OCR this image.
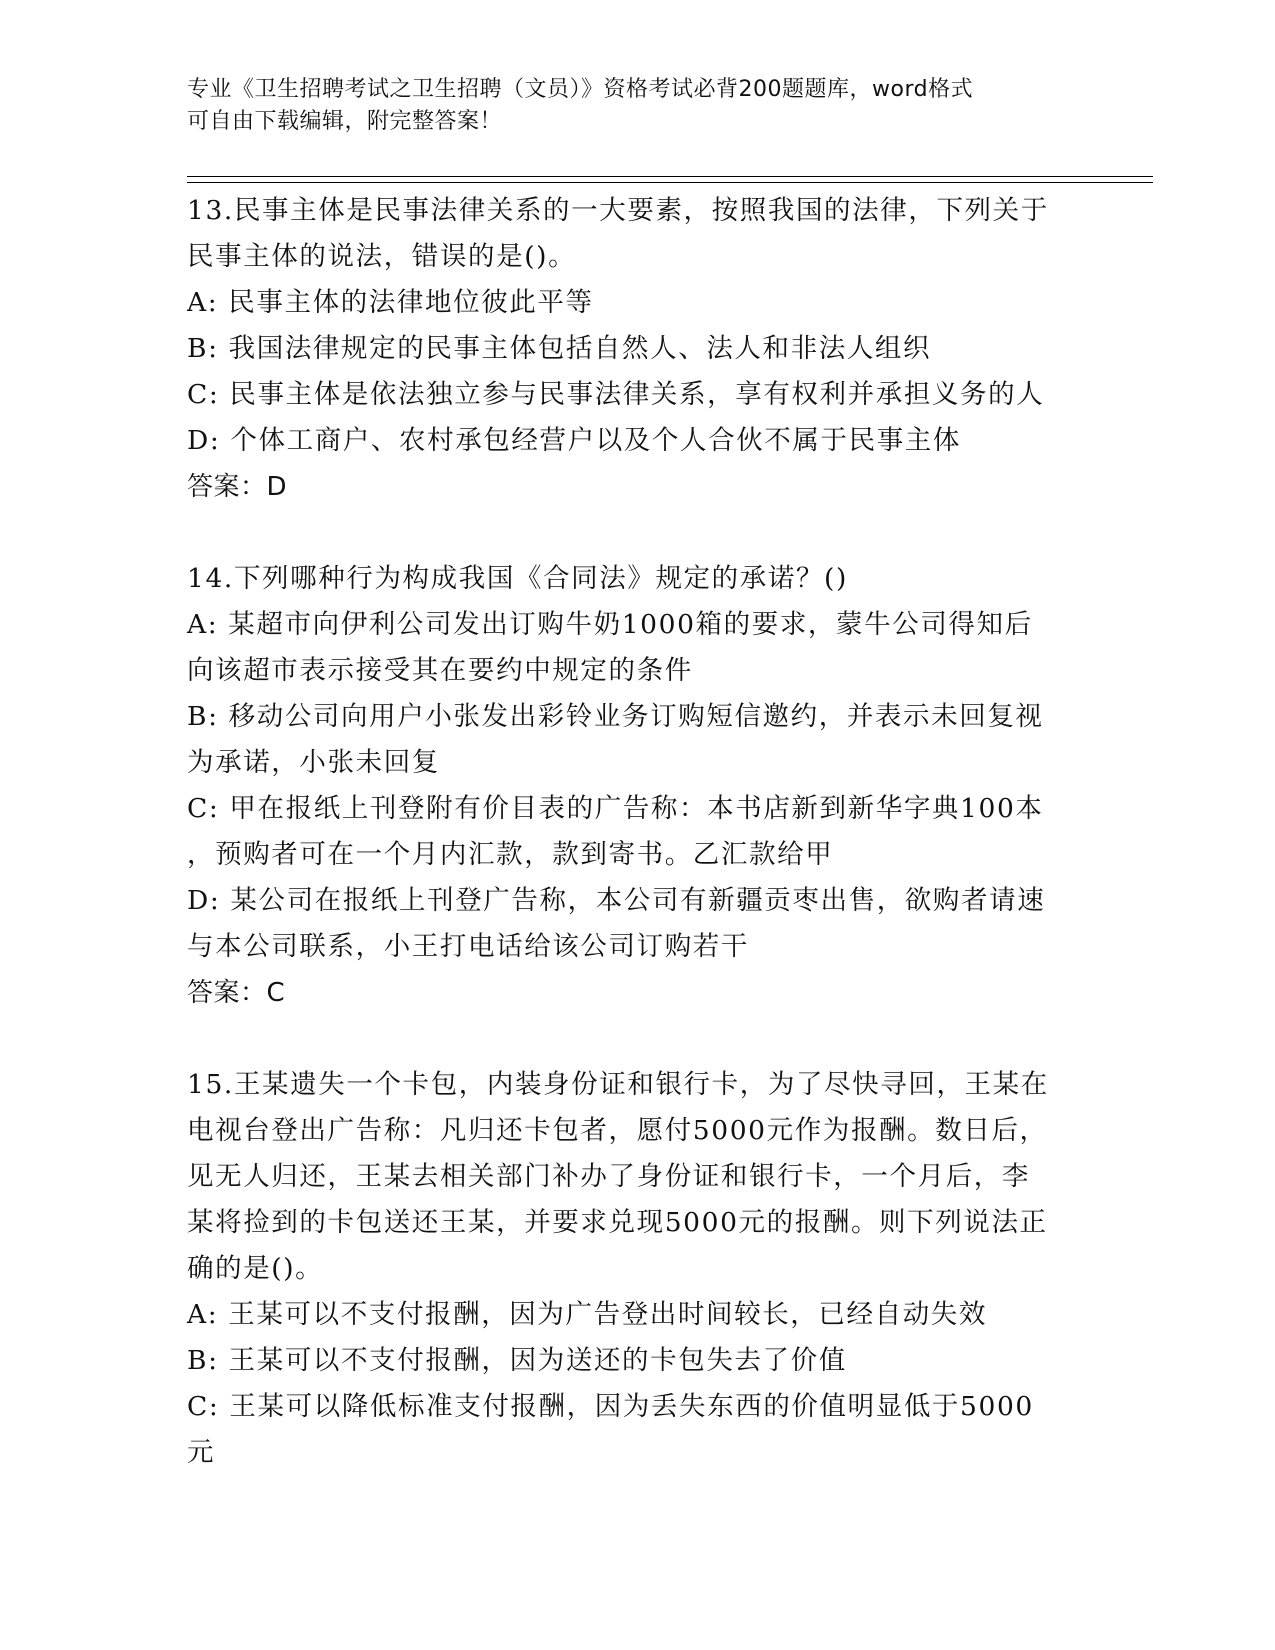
专业《卫生招聘考试之卫生招聘（文员）》资格考试必背200题题库，word格式
可自由下载编辑，附完整答案！
13.民事主体是民事法律关系的一大要素，按照我国的法律，下列关于
民事主体的说法，错误的是()。
A: 民事主体的法律地位彼此平等
B: 我国法律规定的民事主体包括自然人、法人和非法人组织
C: 民事主体是依法独立参与民事法律关系，享有权利并承担义务的人
D: 个体工商户、农村承包经营户以及个人合伙不属于民事主体
答案：D
14.下列哪种行为构成我国《合同法》规定的承诺？()
A: 某超市向伊利公司发出订购牛奶1000箱的要求，蒙牛公司得知后
向该超市表示接受其在要约中规定的条件
B: 移动公司向用户小张发出彩铃业务订购短信邀约，并表示未回复视
为承诺，小张未回复
C: 甲在报纸上刊登附有价目表的广告称：本书店新到新华字典100本
，预购者可在一个月内汇款，款到寄书。乙汇款给甲
D: 某公司在报纸上刊登广告称，本公司有新疆贡枣出售，欲购者请速
与本公司联系，小王打电话给该公司订购若干
答案：C
15.王某遗失一个卡包，内装身份证和银行卡，为了尽快寻回，王某在
电视台登出广告称：凡归还卡包者，愿付5000元作为报酬。数日后，
见无人归还，王某去相关部门补办了身份证和银行卡，一个月后，李
某将捡到的卡包送还王某，并要求兑现5000元的报酬。则下列说法正
确的是()。
A: 王某可以不支付报酬，因为广告登出时间较长，已经自动失效
B: 王某可以不支付报酬，因为送还的卡包失去了价值
C: 王某可以降低标准支付报酬，因为丢失东西的价值明显低于5000
元
